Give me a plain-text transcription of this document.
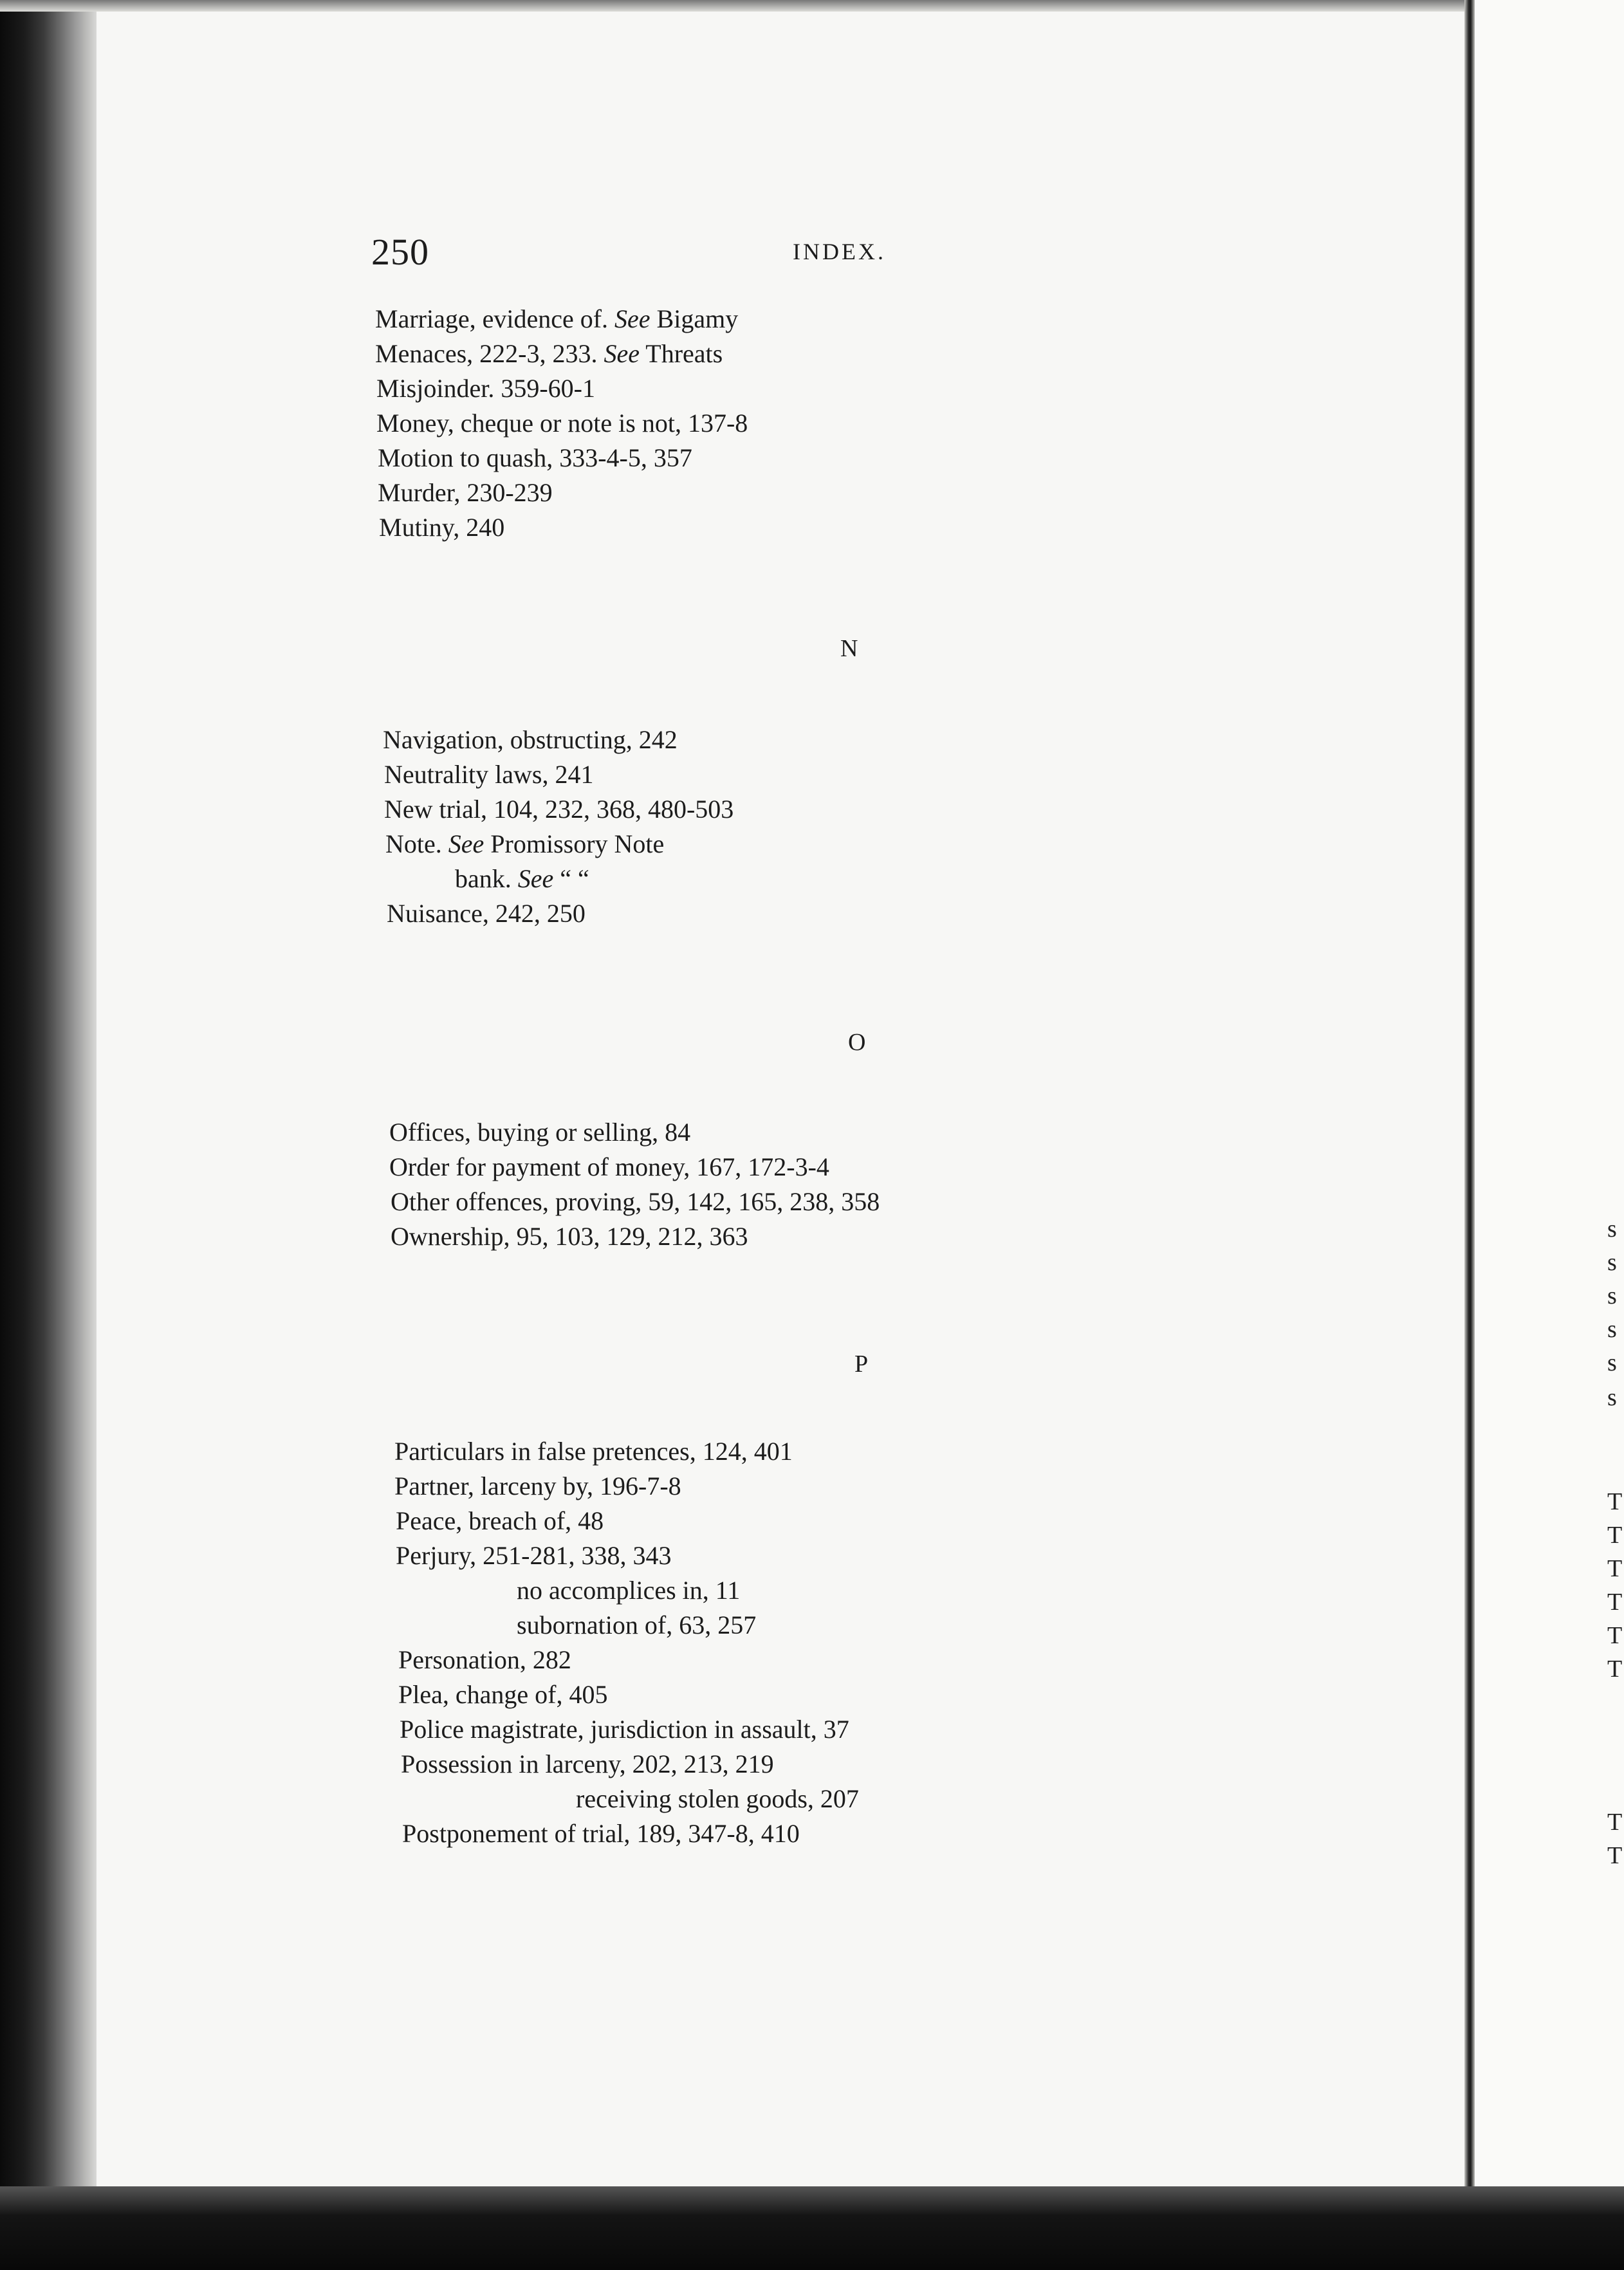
s
s
s
s
s
s
T
T
T
T
T
T
T
T
250	INDEX.
Marriage, evidence of. See Bigamy
Menaces, 222-3, 233. See Threats
Misjoinder. 359-60-1
Money, cheque or note is not, 137-8
Motion to quash, 333-4-5, 357
Murder, 230-239
Mutiny, 240
N
Navigation, obstructing, 242
Neutrality laws, 241
New trial, 104, 232, 368, 480-503
Note. See Promissory Note
bank. See “ “
Nuisance, 242, 250
O
Offices, buying or selling, 84
Order for payment of money, 167, 172-3-4
Other offences, proving, 59, 142, 165, 238, 358
Ownership, 95, 103, 129, 212, 363
P
Particulars in false pretences, 124, 401
Partner, larceny by, 196-7-8
Peace, breach of, 48
Perjury, 251-281, 338, 343
no accomplices in, 11
subornation of, 63, 257
Personation, 282
Plea, change of, 405
Police magistrate, jurisdiction in assault, 37
Possession in larceny, 202, 213, 219
receiving stolen goods, 207
Postponement of trial, 189, 347-8, 410
